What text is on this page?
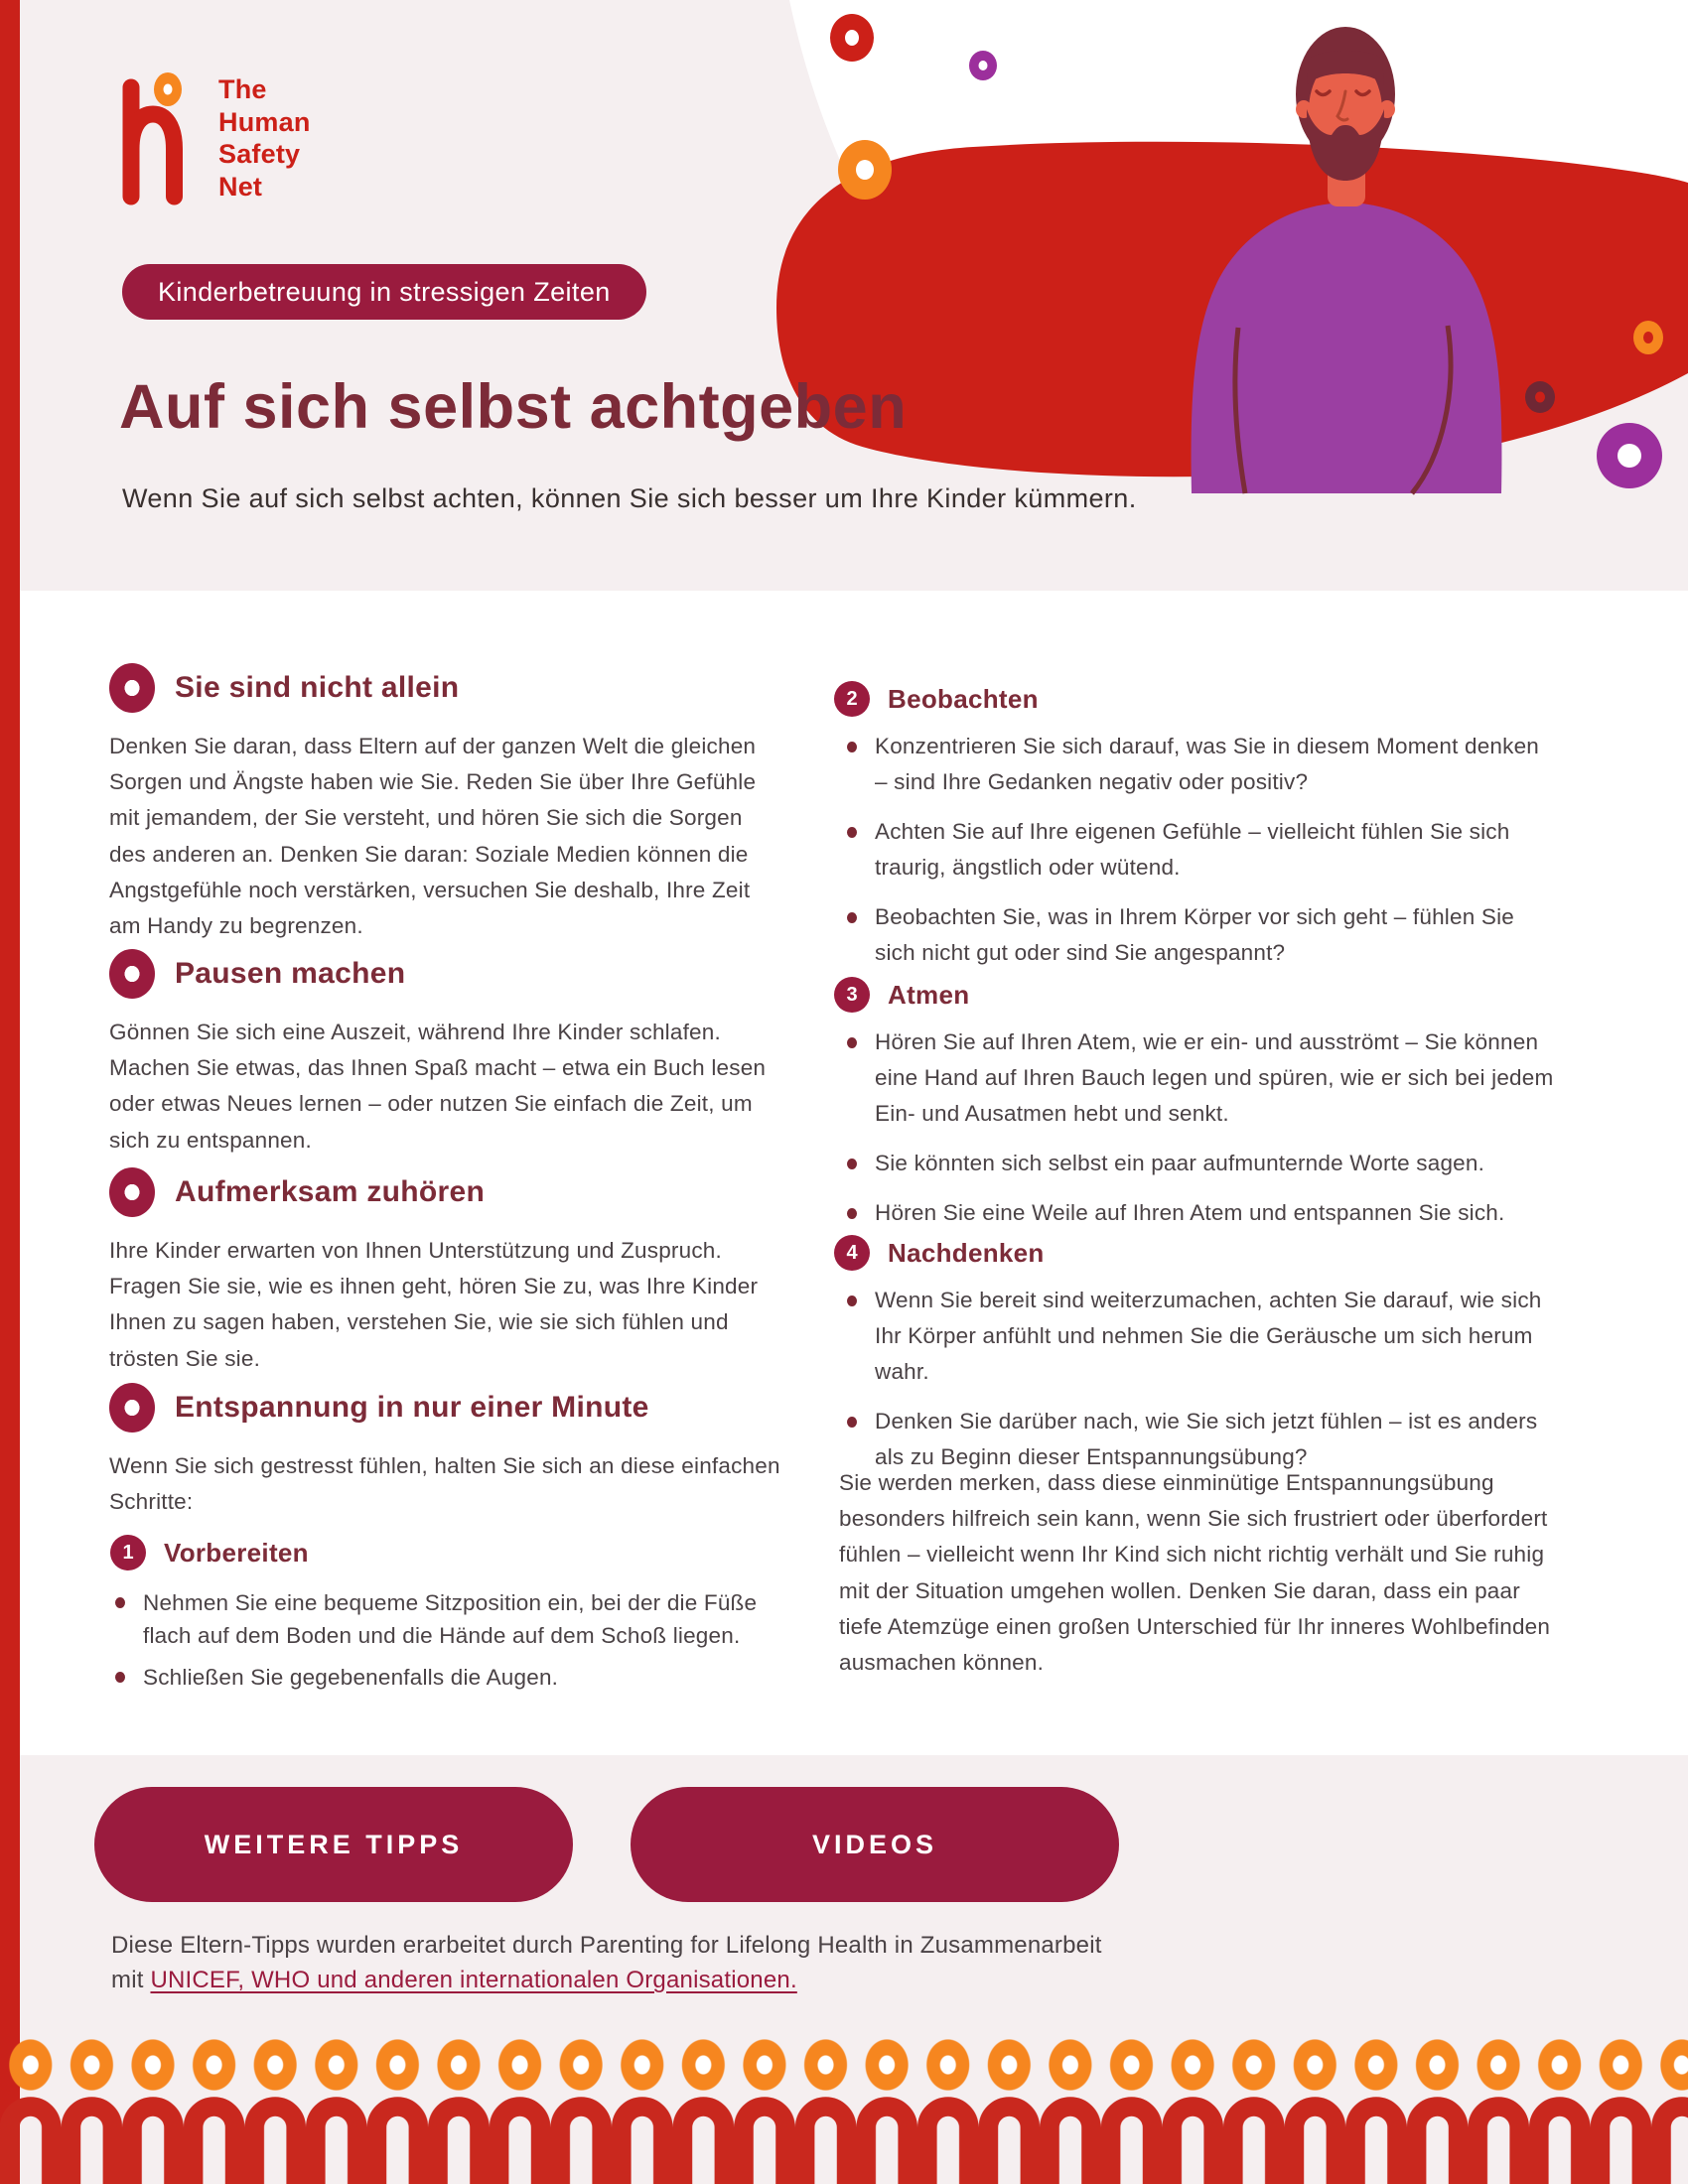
The
Human
Safety
Net
Kinderbetreuung in stressigen Zeiten
Auf sich selbst achtgeben
Wenn Sie auf sich selbst achten, können Sie sich besser um Ihre Kinder kümmern.
Sie sind nicht allein

Denken Sie daran, dass Eltern auf der ganzen Welt die gleichen Sorgen und Ängste haben wie Sie. Reden Sie über Ihre Gefühle mit jemandem, der Sie versteht, und hören Sie sich die Sorgen des anderen an. Denken Sie daran: Soziale Medien können die Angstgefühle noch verstärken, versuchen Sie deshalb, Ihre Zeit am Handy zu begrenzen.

Pausen machen

Gönnen Sie sich eine Auszeit, während Ihre Kinder schlafen. Machen Sie etwas, das Ihnen Spaß macht – etwa ein Buch lesen oder etwas Neues lernen – oder nutzen Sie einfach die Zeit, um sich zu entspannen.

Aufmerksam zuhören

Ihre Kinder erwarten von Ihnen Unterstützung und Zuspruch. Fragen Sie sie, wie es ihnen geht, hören Sie zu, was Ihre Kinder Ihnen zu sagen haben, verstehen Sie, wie sie sich fühlen und trösten Sie sie.

Entspannung in nur einer Minute

Wenn Sie sich gestresst fühlen, halten Sie sich an diese einfachen Schritte:

1	Vorbereiten
Nehmen Sie eine bequeme Sitzposition ein, bei der die Füße flach auf dem Boden und die Hände auf dem Schoß liegen.
Schließen Sie gegebenenfalls die Augen.
2	Beobachten
Konzentrieren Sie sich darauf, was Sie in diesem Moment denken – sind Ihre Gedanken negativ oder positiv?
Achten Sie auf Ihre eigenen Gefühle – vielleicht fühlen Sie sich traurig, ängstlich oder wütend.
Beobachten Sie, was in Ihrem Körper vor sich geht – fühlen Sie sich nicht gut oder sind Sie angespannt?
3	Atmen
Hören Sie auf Ihren Atem, wie er ein- und ausströmt – Sie können eine Hand auf Ihren Bauch legen und spüren, wie er sich bei jedem Ein- und Ausatmen hebt und senkt.
Sie könnten sich selbst ein paar aufmunternde Worte sagen.
Hören Sie eine Weile auf Ihren Atem und entspannen Sie sich.
4	Nachdenken
Wenn Sie bereit sind weiterzumachen, achten Sie darauf, wie sich Ihr Körper anfühlt und nehmen Sie die Geräusche um sich herum wahr.
Denken Sie darüber nach, wie Sie sich jetzt fühlen – ist es anders als zu Beginn dieser Entspannungsübung?

Sie werden merken, dass diese einminütige Entspannungsübung besonders hilfreich sein kann, wenn Sie sich frustriert oder überfordert fühlen – vielleicht wenn Ihr Kind sich nicht richtig verhält und Sie ruhig mit der Situation umgehen wollen. Denken Sie daran, dass ein paar tiefe Atemzüge einen großen Unterschied für Ihr inneres Wohlbefinden ausmachen können.

WEITERE TIPPS	VIDEOS
Diese Eltern-Tipps wurden erarbeitet durch Parenting for Lifelong Health in Zusammenarbeit
mit UNICEF, WHO und anderen internationalen Organisationen.
